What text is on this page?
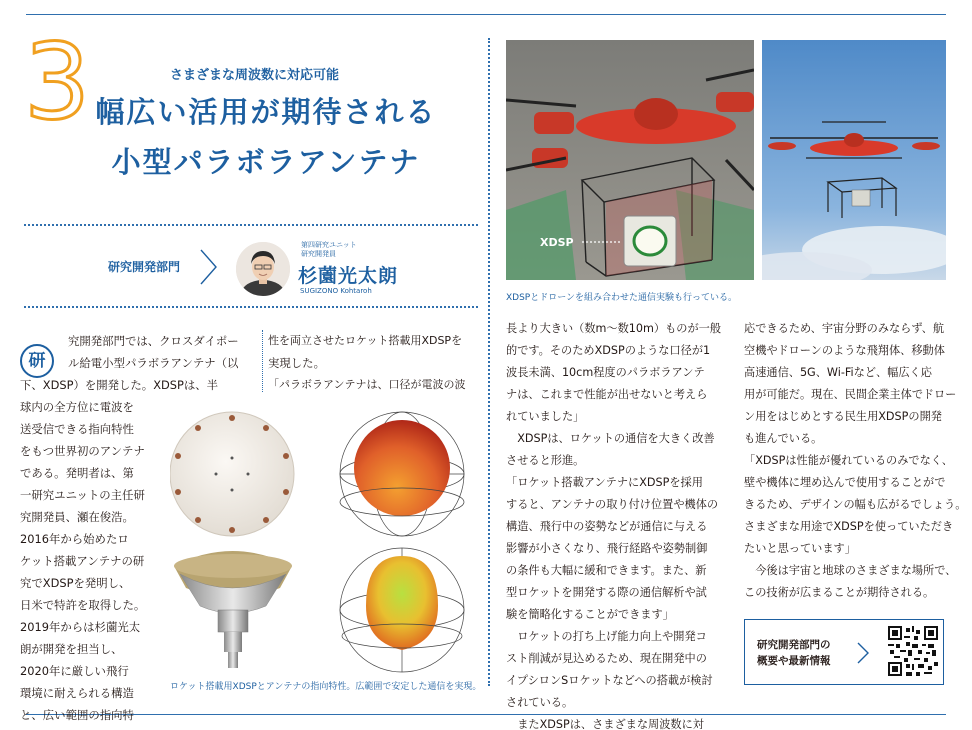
3	さまざまな周波数に対応可能
幅広い活用が期待される
小型パラボラアンテナ
研究開発部門
第四研究ユニット
研究開発員
杉薗光太朗
SUGIZONO Kohtaroh
研

究開発部門では、クロスダイポー

ル給電小型パラボラアンテナ（以

下、XDSP）を開発した。XDSPは、半

球内の全方位に電波を

送受信できる指向特性

をもつ世界初のアンテナ

である。発明者は、第

一研究ユニットの主任研

究開発員、瀬在俊浩。

2016年から始めたロ

ケット搭載アンテナの研

究でXDSPを発明し、

日米で特許を取得した。

2019年からは杉薗光太

朗が開発を担当し、

2020年に厳しい飛行

環境に耐えられる構造

と、広い範囲の指向特

性を両立させたロケット搭載用XDSPを

実現した。

「パラボラアンテナは、口径が電波の波

ロケット搭載用XDSPとアンテナの指向特性。広範囲で安定した通信を実現。
XDSP
XDSPとドローンを組み合わせた通信実験も行っている。

長より大きい（数m〜数10m）ものが一般

的です。そのためXDSPのような口径が1

波長未満、10cm程度のパラボラアンテ

ナは、これまで性能が出せないと考えら

れていました」

　XDSPは、ロケットの通信を大きく改善

させると形進。

「ロケット搭載アンテナにXDSPを採用

すると、アンテナの取り付け位置や機体の

構造、飛行中の姿勢などが通信に与える

影響が小さくなり、飛行経路や姿勢制御

の条件も大幅に緩和できます。また、新

型ロケットを開発する際の通信解析や試

験を簡略化することができます」

　ロケットの打ち上げ能力向上や開発コ

スト削減が見込めるため、現在開発中の

イプシロンSロケットなどへの搭載が検討

されている。

　またXDSPは、さまざまな周波数に対

応できるため、宇宙分野のみならず、航

空機やドローンのような飛翔体、移動体

高速通信、5G、Wi-Fiなど、幅広く応

用が可能だ。現在、民間企業主体でドロー

ン用をはじめとする民生用XDSPの開発

も進んでいる。

「XDSPは性能が優れているのみでなく、

壁や機体に埋め込んで使用することがで

きるため、デザインの幅も広がるでしょう。

さまざまな用途でXDSPを使っていただき

たいと思っています」

　今後は宇宙と地球のさまざまな場所で、

この技術が広まることが期待される。

研究開発部門の
概要や最新情報
